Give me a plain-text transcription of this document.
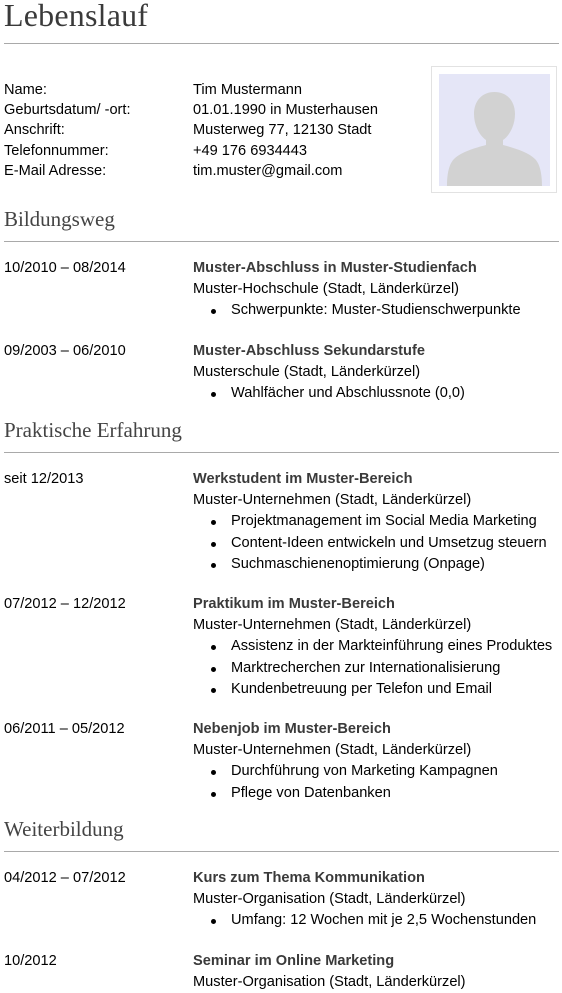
Lebenslauf
Name:	Tim Mustermann
Geburtsdatum/ -ort:	01.01.1990 in Musterhausen
Anschrift:	Musterweg 77, 12130 Stadt
Telefonnummer:	+49 176 6934443
E-Mail Adresse:	tim.muster@gmail.com
Bildungsweg
10/2010 – 08/2014	Muster-Abschluss in Muster-Studienfach
Muster-Hochschule (Stadt, Länderkürzel)
Schwerpunkte: Muster-Studienschwerpunkte
09/2003 – 06/2010	Muster-Abschluss Sekundarstufe
Musterschule (Stadt, Länderkürzel)
Wahlfächer und Abschlussnote (0,0)
Praktische Erfahrung
seit 12/2013	Werkstudent im Muster-Bereich
Muster-Unternehmen (Stadt, Länderkürzel)
Projektmanagement im Social Media Marketing
Content-Ideen entwickeln und Umsetzug steuern
Suchmaschienenoptimierung (Onpage)
07/2012 – 12/2012	Praktikum im Muster-Bereich
Muster-Unternehmen (Stadt, Länderkürzel)
Assistenz in der Markteinführung eines Produktes
Marktrecherchen zur Internationalisierung
Kundenbetreuung per Telefon und Email
06/2011 – 05/2012	Nebenjob im Muster-Bereich
Muster-Unternehmen (Stadt, Länderkürzel)
Durchführung von Marketing Kampagnen
Pflege von Datenbanken
Weiterbildung
04/2012 – 07/2012	Kurs zum Thema Kommunikation
Muster-Organisation (Stadt, Länderkürzel)
Umfang: 12 Wochen mit je 2,5 Wochenstunden
10/2012	Seminar im Online Marketing
Muster-Organisation (Stadt, Länderkürzel)
